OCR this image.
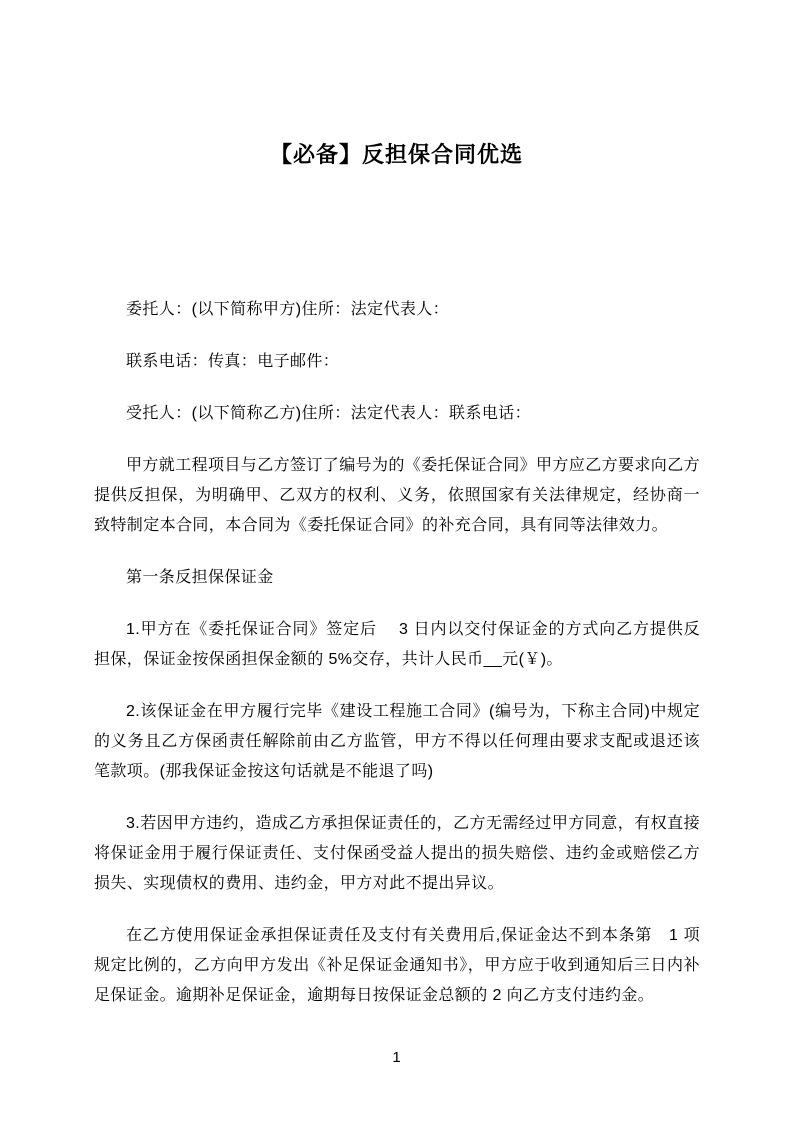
【必备】反担保合同优选

委托人：(以下简称甲方)住所：法定代表人：

联系电话：传真：电子邮件：

受托人：(以下简称乙方)住所：法定代表人：联系电话：

甲方就工程项目与乙方签订了编号为的《委托保证合同》甲方应乙方要求向乙方提供反担保，为明确甲、乙双方的权利、义务，依照国家有关法律规定，经协商一致特制定本合同，本合同为《委托保证合同》的补充合同，具有同等法律效力。

第一条反担保保证金

1.甲方在《委托保证合同》签定后　 3 日内以交付保证金的方式向乙方提供反担保，保证金按保函担保金额的 5%交存，共计人民币__元(￥)。

2.该保证金在甲方履行完毕《建设工程施工合同》(编号为，下称主合同)中规定的义务且乙方保函责任解除前由乙方监管，甲方不得以任何理由要求支配或退还该笔款项。(那我保证金按这句话就是不能退了吗)

3.若因甲方违约，造成乙方承担保证责任的，乙方无需经过甲方同意，有权直接将保证金用于履行保证责任、支付保函受益人提出的损失赔偿、违约金或赔偿乙方损失、实现债权的费用、违约金，甲方对此不提出异议。

在乙方使用保证金承担保证责任及支付有关费用后,保证金达不到本条第　1 项规定比例的，乙方向甲方发出《补足保证金通知书》，甲方应于收到通知后三日内补足保证金。逾期补足保证金，逾期每日按保证金总额的 2 向乙方支付违约金。

1
